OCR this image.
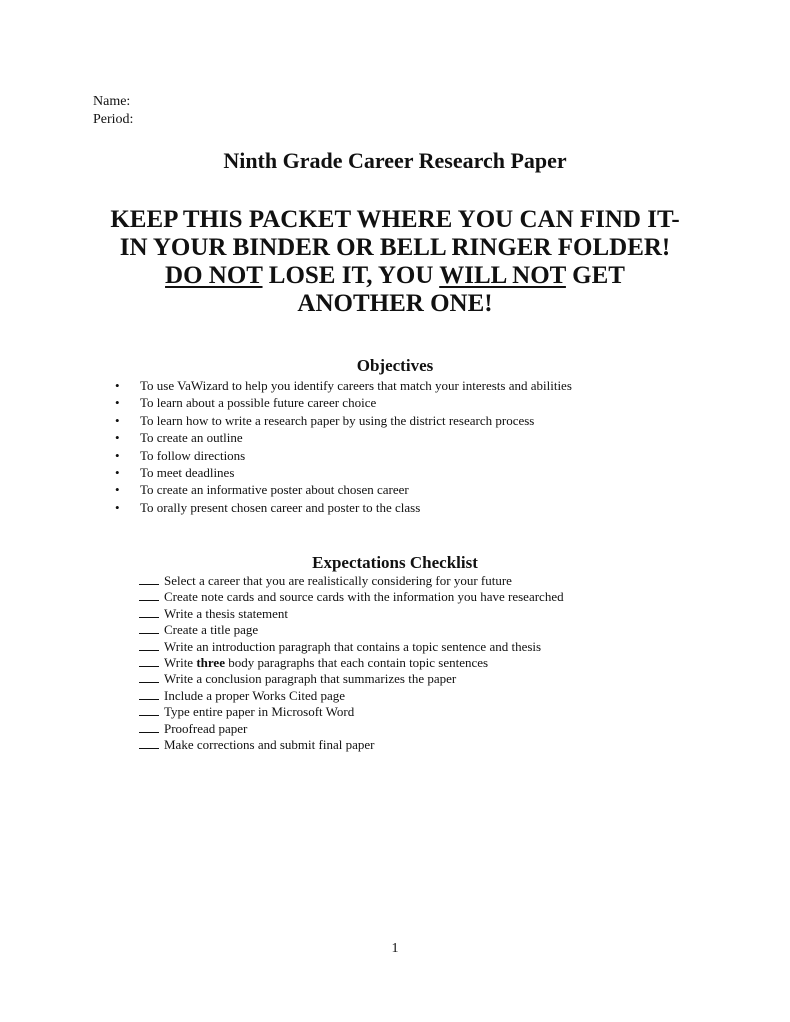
Name:
Period:
Ninth Grade Career Research Paper
KEEP THIS PACKET WHERE YOU CAN FIND IT-
IN YOUR BINDER OR BELL RINGER FOLDER!
DO NOT LOSE IT, YOU WILL NOT GET
ANOTHER ONE!
Objectives
• To use VaWizard to help you identify careers that match your interests and abilities
• To learn about a possible future career choice
• To learn how to write a research paper by using the district research process
• To create an outline
• To follow directions
• To meet deadlines
• To create an informative poster about chosen career
• To orally present chosen career and poster to the class
Expectations Checklist
Select a career that you are realistically considering for your future
Create note cards and source cards with the information you have researched
Write a thesis statement
Create a title page
Write an introduction paragraph that contains a topic sentence and thesis
Write three body paragraphs that each contain topic sentences
Write a conclusion paragraph that summarizes the paper
Include a proper Works Cited page
Type entire paper in Microsoft Word
Proofread paper
Make corrections and submit final paper
1
